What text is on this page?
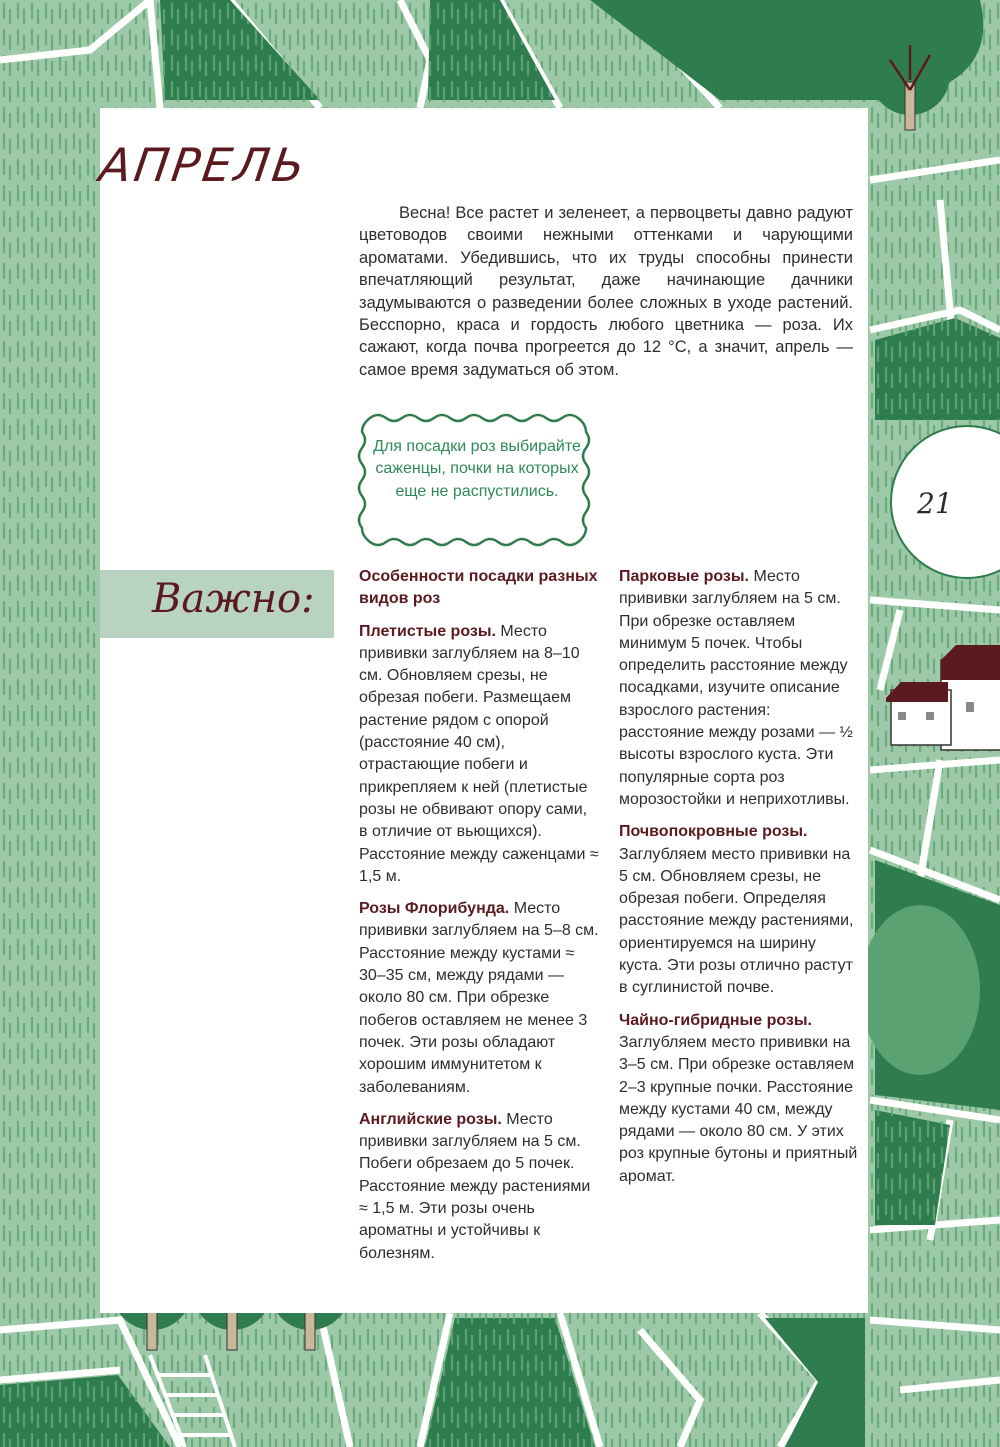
АПРЕЛЬ

Весна! Все растет и зеленеет, а первоцветы давно радуют цветоводов своими нежными оттенками и чарующими ароматами. Убедившись, что их труды способны принести впечатляющий результат, даже начинающие дачники задумываются о разведении более сложных в уходе растений. Бесспорно, краса и гордость любого цветника — роза. Их сажают, когда почва прогреется до 12 °С, а значит, апрель — самое время задуматься об этом.

Для посадки роз выбирайте саженцы, почки на которых еще не распустились.

Важно:
21
Особенности посадки разных видов роз

Плетистые розы. Место прививки заглубляем на 8–10 см. Обновляем срезы, не обрезая побеги. Размещаем растение рядом с опорой (расстояние 40 см), отрастающие побеги и прикрепляем к ней (плетистые розы не обвивают опору сами, в отличие от вьющихся). Расстояние между саженцами ≈ 1,5 м.

Розы Флорибунда. Место прививки заглубляем на 5–8 см. Расстояние между кустами ≈ 30–35 см, между рядами — около 80 см. При обрезке побегов оставляем не менее 3 почек. Эти розы обладают хорошим иммунитетом к заболеваниям.

Английские розы. Место прививки заглубляем на 5 см. Побеги обрезаем до 5 почек. Расстояние между растениями ≈ 1,5 м. Эти розы очень ароматны и устойчивы к болезням.

Парковые розы. Место прививки заглубляем на 5 см. При обрезке оставляем минимум 5 почек. Чтобы определить расстояние между посадками, изучите описание взрослого растения: расстояние между розами — ½ высоты взрослого куста. Эти популярные сорта роз морозостойки и неприхотливы.

Почвопокровные розы. Заглубляем место прививки на 5 см. Обновляем срезы, не обрезая побеги. Определяя расстояние между растениями, ориентируемся на ширину куста. Эти розы отлично растут в суглинистой почве.

Чайно-гибридные розы. Заглубляем место прививки на 3–5 см. При обрезке оставляем 2–3 крупные почки. Расстояние между кустами 40 см, между рядами — около 80 см. У этих роз крупные бутоны и приятный аромат.
